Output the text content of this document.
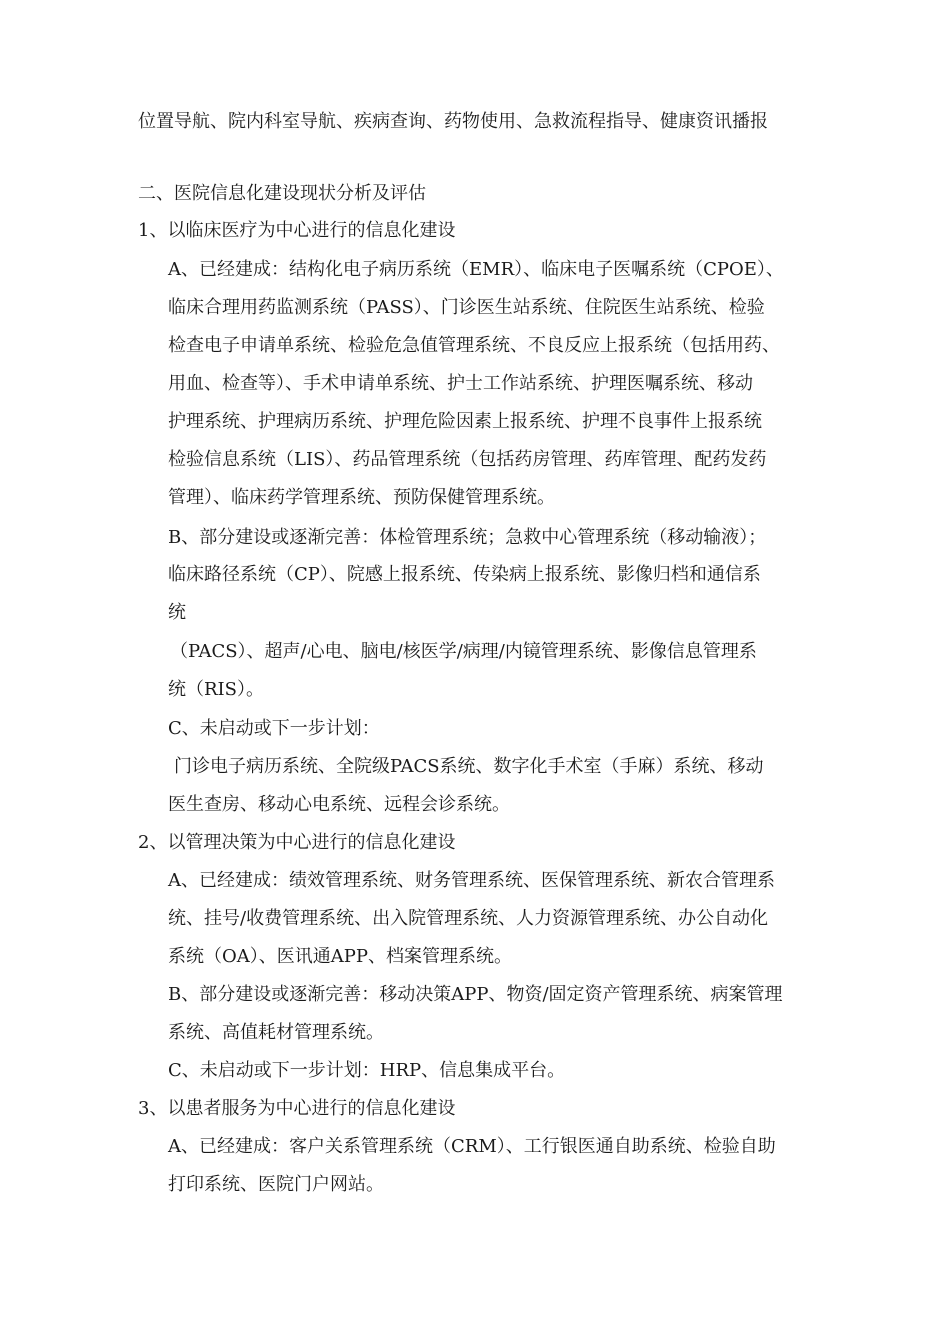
位置导航、院内科室导航、疾病查询、药物使用、急救流程指导、健康资讯播报
二、医院信息化建设现状分析及评估
1、以临床医疗为中心进行的信息化建设
A、已经建成：结构化电子病历系统（EMR）、临床电子医嘱系统（CPOE）、
临床合理用药监测系统（PASS）、门诊医生站系统、住院医生站系统、检验
检查电子申请单系统、检验危急值管理系统、不良反应上报系统（包括用药、
用血、检查等）、手术申请单系统、护士工作站系统、护理医嘱系统、移动
护理系统、护理病历系统、护理危险因素上报系统、护理不良事件上报系统
检验信息系统（LIS）、药品管理系统（包括药房管理、药库管理、配药发药
管理）、临床药学管理系统、预防保健管理系统。
B、部分建设或逐渐完善：体检管理系统；急救中心管理系统（移动输液）；
临床路径系统（CP）、院感上报系统、传染病上报系统、影像归档和通信系
统
（PACS）、超声/心电、脑电/核医学/病理/内镜管理系统、影像信息管理系
统（RIS）。
C、未启动或下一步计划：
门诊电子病历系统、全院级PACS系统、数字化手术室（手麻）系统、移动
医生查房、移动心电系统、远程会诊系统。
2、以管理决策为中心进行的信息化建设
A、已经建成：绩效管理系统、财务管理系统、医保管理系统、新农合管理系
统、挂号/收费管理系统、出入院管理系统、人力资源管理系统、办公自动化
系统（OA）、医讯通APP、档案管理系统。
B、部分建设或逐渐完善：移动决策APP、物资/固定资产管理系统、病案管理
系统、高值耗材管理系统。
C、未启动或下一步计划：HRP、信息集成平台。
3、以患者服务为中心进行的信息化建设
A、已经建成：客户关系管理系统（CRM）、工行银医通自助系统、检验自助
打印系统、医院门户网站。
